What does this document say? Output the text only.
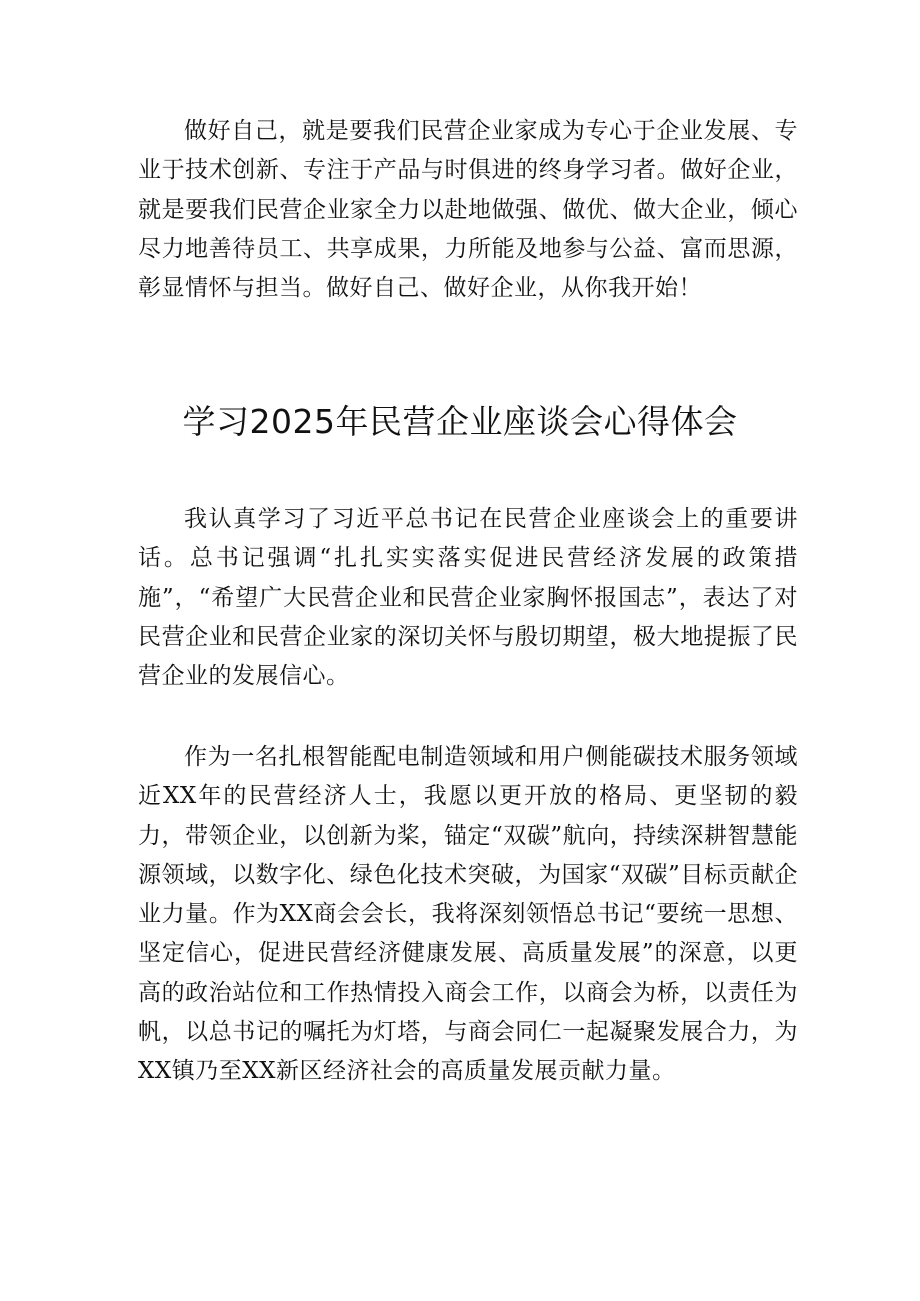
做好自己，就是要我们民营企业家成为专心于企业发展、专业于技术创新、专注于产品与时俱进的终身学习者。做好企业，就是要我们民营企业家全力以赴地做强、做优、做大企业，倾心尽力地善待员工、共享成果，力所能及地参与公益、富而思源，彰显情怀与担当。做好自己、做好企业，从你我开始！

学习2025年民营企业座谈会心得体会

我认真学习了习近平总书记在民营企业座谈会上的重要讲话。总书记强调“扎扎实实落实促进民营经济发展的政策措施”，“希望广大民营企业和民营企业家胸怀报国志”，表达了对民营企业和民营企业家的深切关怀与殷切期望，极大地提振了民营企业的发展信心。

作为一名扎根智能配电制造领域和用户侧能碳技术服务领域近XX年的民营经济人士，我愿以更开放的格局、更坚韧的毅力，带领企业，以创新为桨，锚定“双碳”航向，持续深耕智慧能源领域，以数字化、绿色化技术突破，为国家“双碳”目标贡献企业力量。作为XX商会会长，我将深刻领悟总书记“要统一思想、坚定信心，促进民营经济健康发展、高质量发展”的深意，以更高的政治站位和工作热情投入商会工作，以商会为桥，以责任为帆，以总书记的嘱托为灯塔，与商会同仁一起凝聚发展合力，为XX镇乃至XX新区经济社会的高质量发展贡献力量。
